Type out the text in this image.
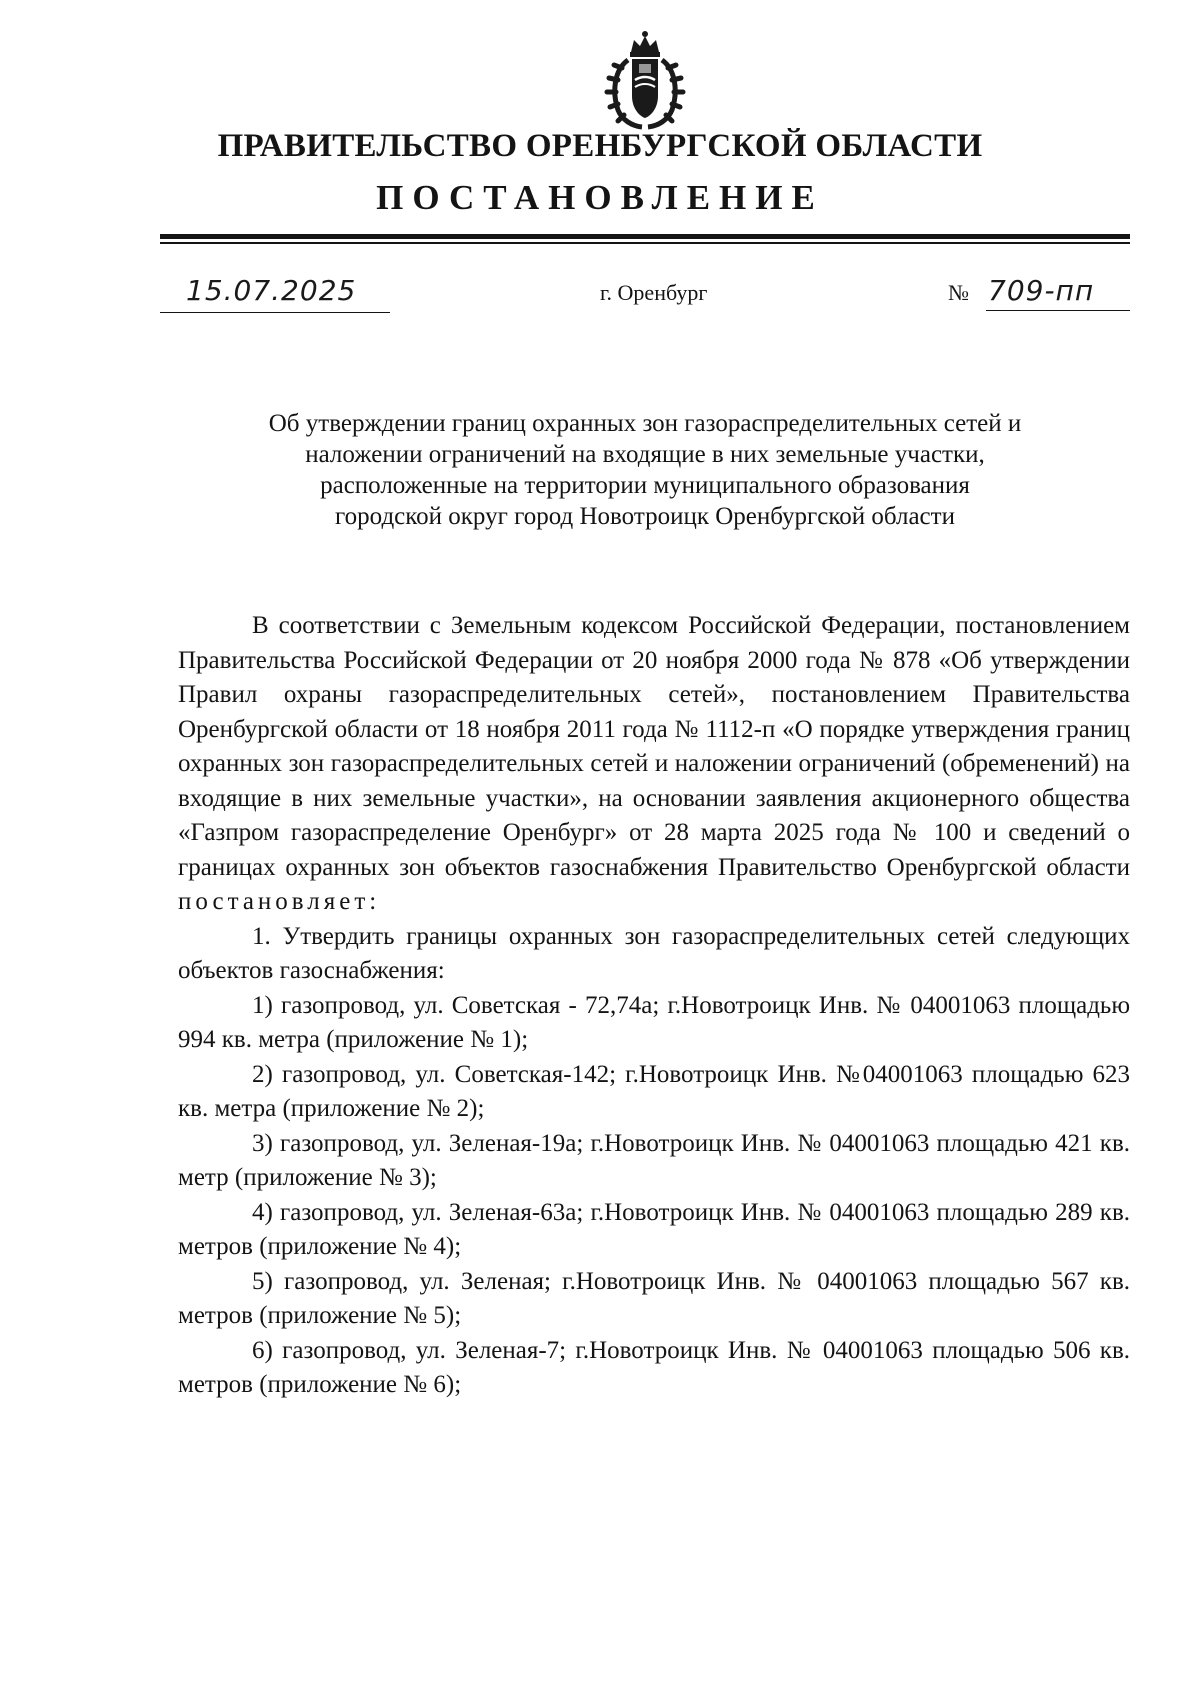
ПРАВИТЕЛЬСТВО ОРЕНБУРГСКОЙ ОБЛАСТИ
ПОСТАНОВЛЕНИЕ
15.07.2025	г. Оренбург	№ 709-пп
Об утверждении границ охранных зон газораспределительных сетей и
наложении ограничений на входящие в них земельные участки,
расположенные на территории муниципального образования
городской округ город Новотроицк Оренбургской области

В соответствии с Земельным кодексом Российской Федерации, постановлением Правительства Российской Федерации от 20 ноября 2000 года № 878 «Об утверждении Правил охраны газораспределительных сетей», постановлением Правительства Оренбургской области от 18 ноября 2011 года № 1112-п «О порядке утверждения границ охранных зон газораспределительных сетей и наложении ограничений (обременений) на входящие в них земельные участки», на основании заявления акционерного общества «Газпром газораспределение Оренбург» от 28 марта 2025 года № 100 и сведений о границах охранных зон объектов газоснабжения Правительство Оренбургской области постановляет:

1. Утвердить границы охранных зон газораспределительных сетей следующих объектов газоснабжения:

1) газопровод, ул. Советская - 72,74а; г.Новотроицк Инв. № 04001063 площадью 994 кв. метра (приложение № 1);

2) газопровод, ул. Советская-142; г.Новотроицк Инв. №04001063 площадью 623 кв. метра (приложение № 2);

3) газопровод, ул. Зеленая-19а; г.Новотроицк Инв. № 04001063 площадью 421 кв. метр (приложение № 3);

4) газопровод, ул. Зеленая-63а; г.Новотроицк Инв. № 04001063 площадью 289 кв. метров (приложение № 4);

5) газопровод, ул. Зеленая; г.Новотроицк Инв. № 04001063 площадью 567 кв. метров (приложение № 5);

6) газопровод, ул. Зеленая-7; г.Новотроицк Инв. № 04001063 площадью 506 кв. метров (приложение № 6);
